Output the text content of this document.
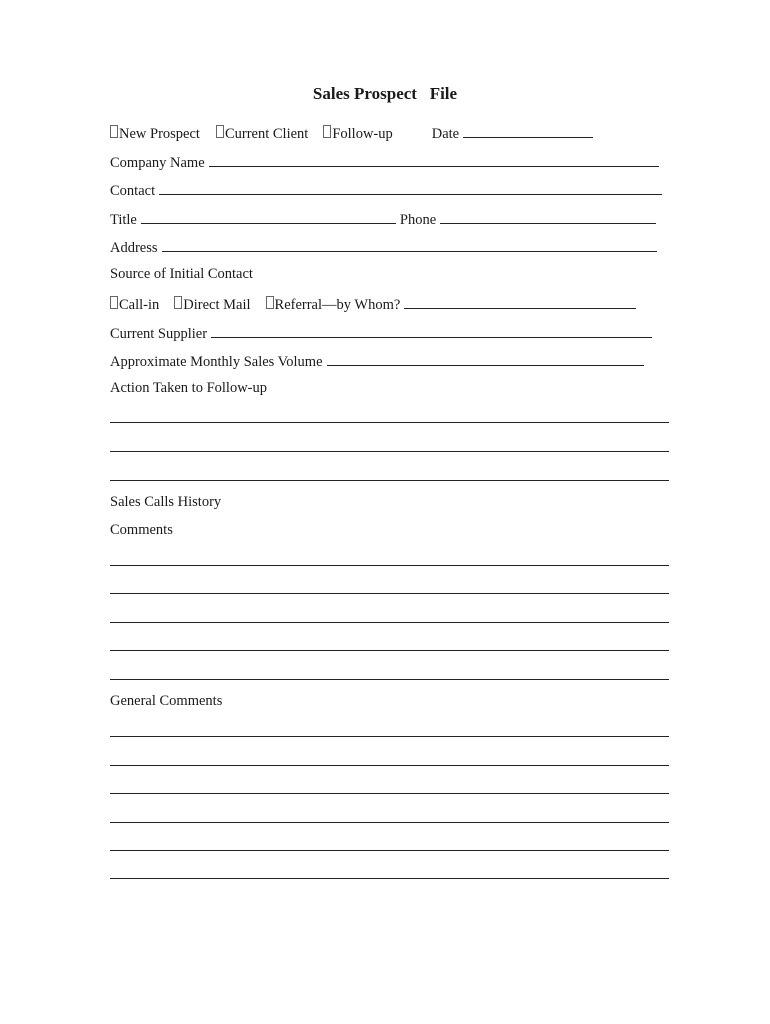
Sales Prospect   File
New Prospect Current Client Follow-up	Date
Company Name
Contact
Title	Phone
Address
Source of Initial Contact
Call-in Direct Mail Referral—by Whom?
Current Supplier
Approximate Monthly Sales Volume
Action Taken to Follow-up
Sales Calls History
Comments
General Comments
